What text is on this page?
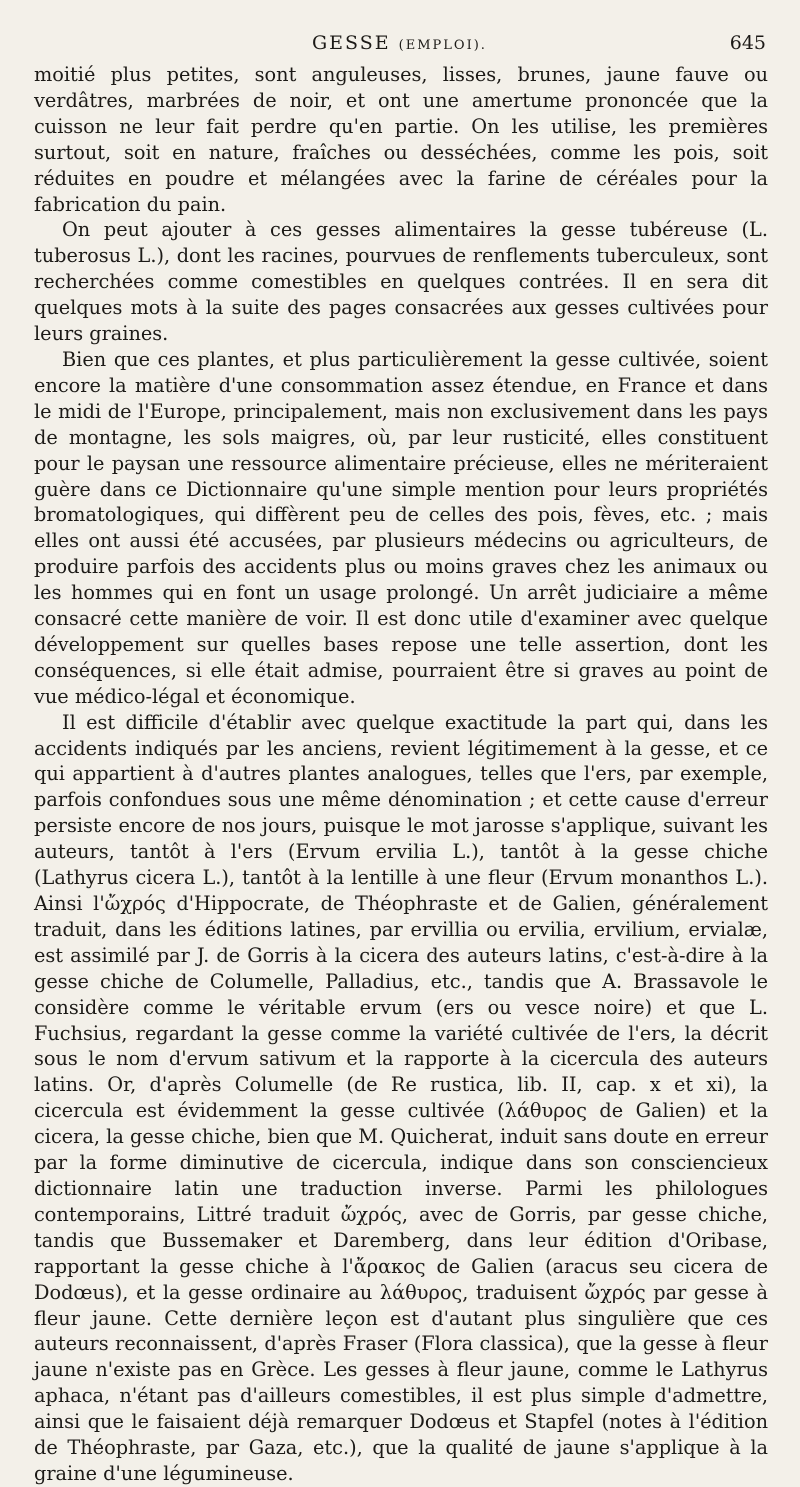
GESSE (EMPLOI).	645

moitié plus petites, sont anguleuses, lisses, brunes, jaune fauve ou verdâtres, marbrées de noir, et ont une amertume prononcée que la cuisson ne leur fait perdre qu'en partie. On les utilise, les premières surtout, soit en nature, fraîches ou desséchées, comme les pois, soit réduites en poudre et mélangées avec la farine de céréales pour la fabrication du pain.

On peut ajouter à ces gesses alimentaires la gesse tubéreuse (L. tuberosus L.), dont les racines, pourvues de renflements tuberculeux, sont recherchées comme comestibles en quelques contrées. Il en sera dit quelques mots à la suite des pages consacrées aux gesses cultivées pour leurs graines.

Bien que ces plantes, et plus particulièrement la gesse cultivée, soient encore la matière d'une consommation assez étendue, en France et dans le midi de l'Europe, principalement, mais non exclusivement dans les pays de montagne, les sols maigres, où, par leur rusticité, elles constituent pour le paysan une ressource alimentaire précieuse, elles ne mériteraient guère dans ce Dictionnaire qu'une simple mention pour leurs propriétés bromatologiques, qui diffèrent peu de celles des pois, fèves, etc. ; mais elles ont aussi été accusées, par plusieurs médecins ou agriculteurs, de produire parfois des accidents plus ou moins graves chez les animaux ou les hommes qui en font un usage prolongé. Un arrêt judiciaire a même consacré cette manière de voir. Il est donc utile d'examiner avec quelque développement sur quelles bases repose une telle assertion, dont les conséquences, si elle était admise, pourraient être si graves au point de vue médico-légal et économique.

Il est difficile d'établir avec quelque exactitude la part qui, dans les accidents indiqués par les anciens, revient légitimement à la gesse, et ce qui appartient à d'autres plantes analogues, telles que l'ers, par exemple, parfois confondues sous une même dénomination ; et cette cause d'erreur persiste encore de nos jours, puisque le mot jarosse s'applique, suivant les auteurs, tantôt à l'ers (Ervum ervilia L.), tantôt à la gesse chiche (Lathyrus cicera L.), tantôt à la lentille à une fleur (Ervum monanthos L.). Ainsi l'ὤχρός d'Hippocrate, de Théophraste et de Galien, généralement traduit, dans les éditions latines, par ervillia ou ervilia, ervilium, ervialæ, est assimilé par J. de Gorris à la cicera des auteurs latins, c'est-à-dire à la gesse chiche de Columelle, Palladius, etc., tandis que A. Brassavole le considère comme le véritable ervum (ers ou vesce noire) et que L. Fuchsius, regardant la gesse comme la variété cultivée de l'ers, la décrit sous le nom d'ervum sativum et la rapporte à la cicercula des auteurs latins. Or, d'après Columelle (de Re rustica, lib. II, cap. x et xi), la cicercula est évidemment la gesse cultivée (λάθυρος de Galien) et la cicera, la gesse chiche, bien que M. Quicherat, induit sans doute en erreur par la forme diminutive de cicercula, indique dans son consciencieux dictionnaire latin une traduction inverse. Parmi les philologues contemporains, Littré traduit ὤχρός, avec de Gorris, par gesse chiche, tandis que Bussemaker et Daremberg, dans leur édition d'Oribase, rapportant la gesse chiche à l'ἄρακος de Galien (aracus seu cicera de Dodœus), et la gesse ordinaire au λάθυρος, traduisent ὤχρός par gesse à fleur jaune. Cette dernière leçon est d'autant plus singulière que ces auteurs reconnaissent, d'après Fraser (Flora classica), que la gesse à fleur jaune n'existe pas en Grèce. Les gesses à fleur jaune, comme le Lathyrus aphaca, n'étant pas d'ailleurs comestibles, il est plus simple d'admettre, ainsi que le faisaient déjà remarquer Dodœus et Stapfel (notes à l'édition de Théophraste, par Gaza, etc.), que la qualité de jaune s'applique à la graine d'une légumineuse.
